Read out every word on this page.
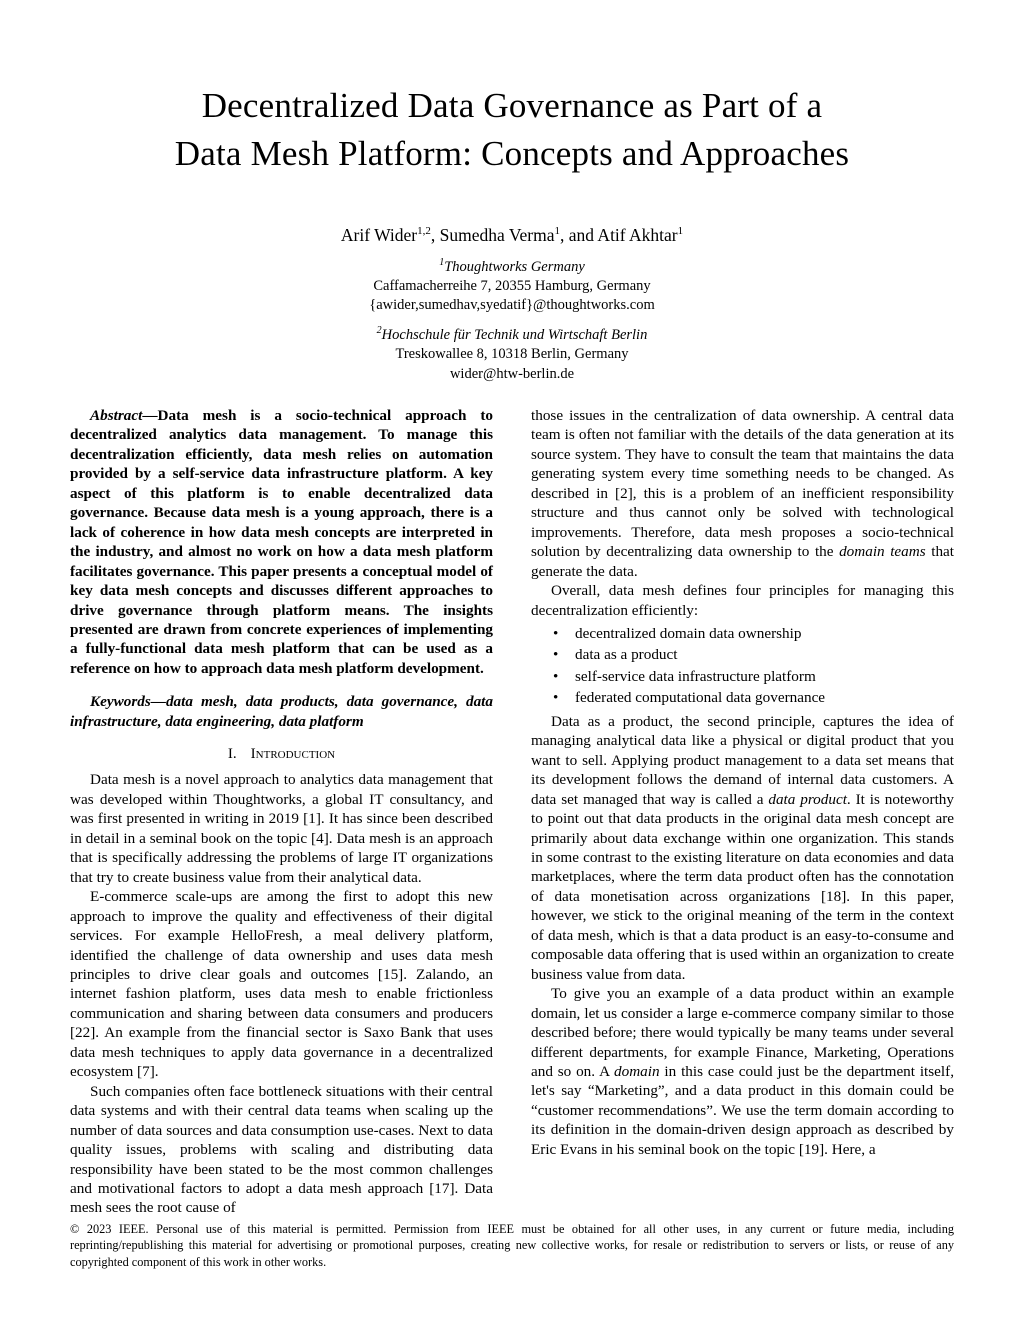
Decentralized Data Governance as Part of a
Data Mesh Platform: Concepts and Approaches
Arif Wider$^{1,2}$, Sumedha Verma$^1$, and Atif Akhtar$^1$
$^1$Thoughtworks Germany
Caffamacherreihe 7, 20355 Hamburg, Germany
{awider,sumedhav,syedatif}@thoughtworks.com
$^2$Hochschule für Technik und Wirtschaft Berlin
Treskowallee 8, 10318 Berlin, Germany
wider@htw-berlin.de

Abstract—Data mesh is a socio-technical approach to decentralized analytics data management. To manage this decentralization efficiently, data mesh relies on automation provided by a self-service data infrastructure platform. A key aspect of this platform is to enable decentralized data governance. Because data mesh is a young approach, there is a lack of coherence in how data mesh concepts are interpreted in the industry, and almost no work on how a data mesh platform facilitates governance. This paper presents a conceptual model of key data mesh concepts and discusses different approaches to drive governance through platform means. The insights presented are drawn from concrete experiences of implementing a fully-functional data mesh platform that can be used as a reference on how to approach data mesh platform development.

Keywords—data mesh, data products, data governance, data infrastructure, data engineering, data platform

I. Introduction

Data mesh is a novel approach to analytics data management that was developed within Thoughtworks, a global IT consultancy, and was first presented in writing in 2019 [1]. It has since been described in detail in a seminal book on the topic [4]. Data mesh is an approach that is specifically addressing the problems of large IT organizations that try to create business value from their analytical data.

E-commerce scale-ups are among the first to adopt this new approach to improve the quality and effectiveness of their digital services. For example HelloFresh, a meal delivery platform, identified the challenge of data ownership and uses data mesh principles to drive clear goals and outcomes [15]. Zalando, an internet fashion platform, uses data mesh to enable frictionless communication and sharing between data consumers and producers [22]. An example from the financial sector is Saxo Bank that uses data mesh techniques to apply data governance in a decentralized ecosystem [7].

Such companies often face bottleneck situations with their central data systems and with their central data teams when scaling up the number of data sources and data consumption use-cases. Next to data quality issues, problems with scaling and distributing data responsibility have been stated to be the most common challenges and motivational factors to adopt a data mesh approach [17]. Data mesh sees the root cause of

those issues in the centralization of data ownership. A central data team is often not familiar with the details of the data generation at its source system. They have to consult the team that maintains the data generating system every time something needs to be changed. As described in [2], this is a problem of an inefficient responsibility structure and thus cannot only be solved with technological improvements. Therefore, data mesh proposes a socio-technical solution by decentralizing data ownership to the domain teams that generate the data.

Overall, data mesh defines four principles for managing this decentralization efficiently:

• decentralized domain data ownership
• data as a product
• self-service data infrastructure platform
• federated computational data governance

Data as a product, the second principle, captures the idea of managing analytical data like a physical or digital product that you want to sell. Applying product management to a data set means that its development follows the demand of internal data customers. A data set managed that way is called a data product. It is noteworthy to point out that data products in the original data mesh concept are primarily about data exchange within one organization. This stands in some contrast to the existing literature on data economies and data marketplaces, where the term data product often has the connotation of data monetisation across organizations [18]. In this paper, however, we stick to the original meaning of the term in the context of data mesh, which is that a data product is an easy-to-consume and composable data offering that is used within an organization to create business value from data.

To give you an example of a data product within an example domain, let us consider a large e-commerce company similar to those described before; there would typically be many teams under several different departments, for example Finance, Marketing, Operations and so on. A domain in this case could just be the department itself, let's say “Marketing”, and a data product in this domain could be “customer recommendations”. We use the term domain according to its definition in the domain-driven design approach as described by Eric Evans in his seminal book on the topic [19]. Here, a

© 2023 IEEE. Personal use of this material is permitted. Permission from IEEE must be obtained for all other uses, in any current or future media, including reprinting/republishing this material for advertising or promotional purposes, creating new collective works, for resale or redistribution to servers or lists, or reuse of any copyrighted component of this work in other works.
